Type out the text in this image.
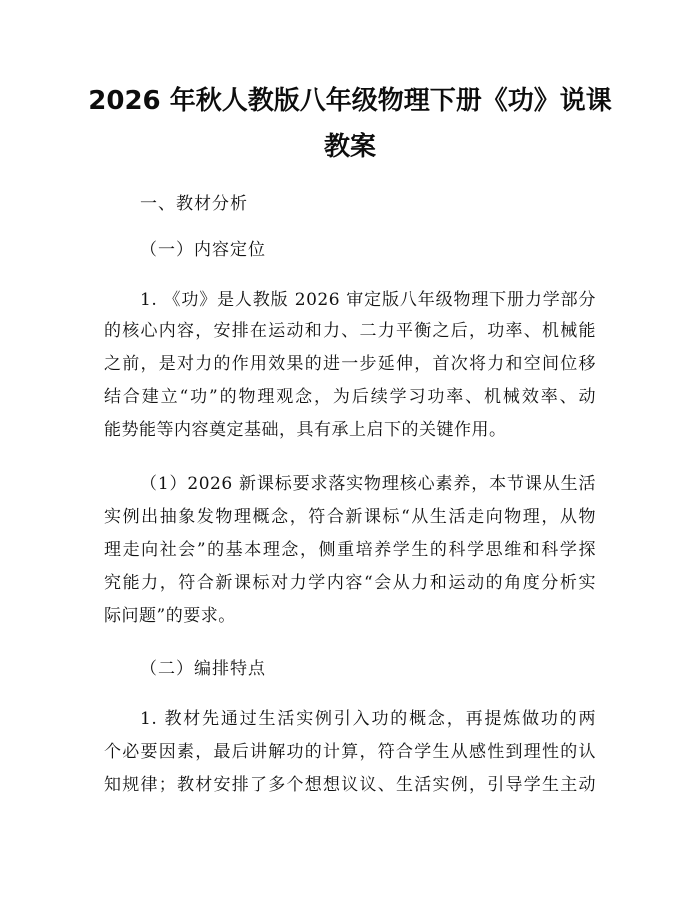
2026 年秋人教版八年级物理下册《功》说课
教案
一、教材分析
（一）内容定位
1. 《功》是人教版 2026 审定版八年级物理下册力学部分
的核心内容，安排在运动和力、二力平衡之后，功率、机械能
之前，是对力的作用效果的进一步延伸，首次将力和空间位移
结合建立“功”的物理观念，为后续学习功率、机械效率、动
能势能等内容奠定基础，具有承上启下的关键作用。
（1）2026 新课标要求落实物理核心素养，本节课从生活
实例出抽象发物理概念，符合新课标“从生活走向物理，从物
理走向社会”的基本理念，侧重培养学生的科学思维和科学探
究能力，符合新课标对力学内容“会从力和运动的角度分析实
际问题”的要求。
（二）编排特点
1. 教材先通过生活实例引入功的概念，再提炼做功的两
个必要因素，最后讲解功的计算，符合学生从感性到理性的认
知规律；教材安排了多个想想议议、生活实例，引导学生主动
